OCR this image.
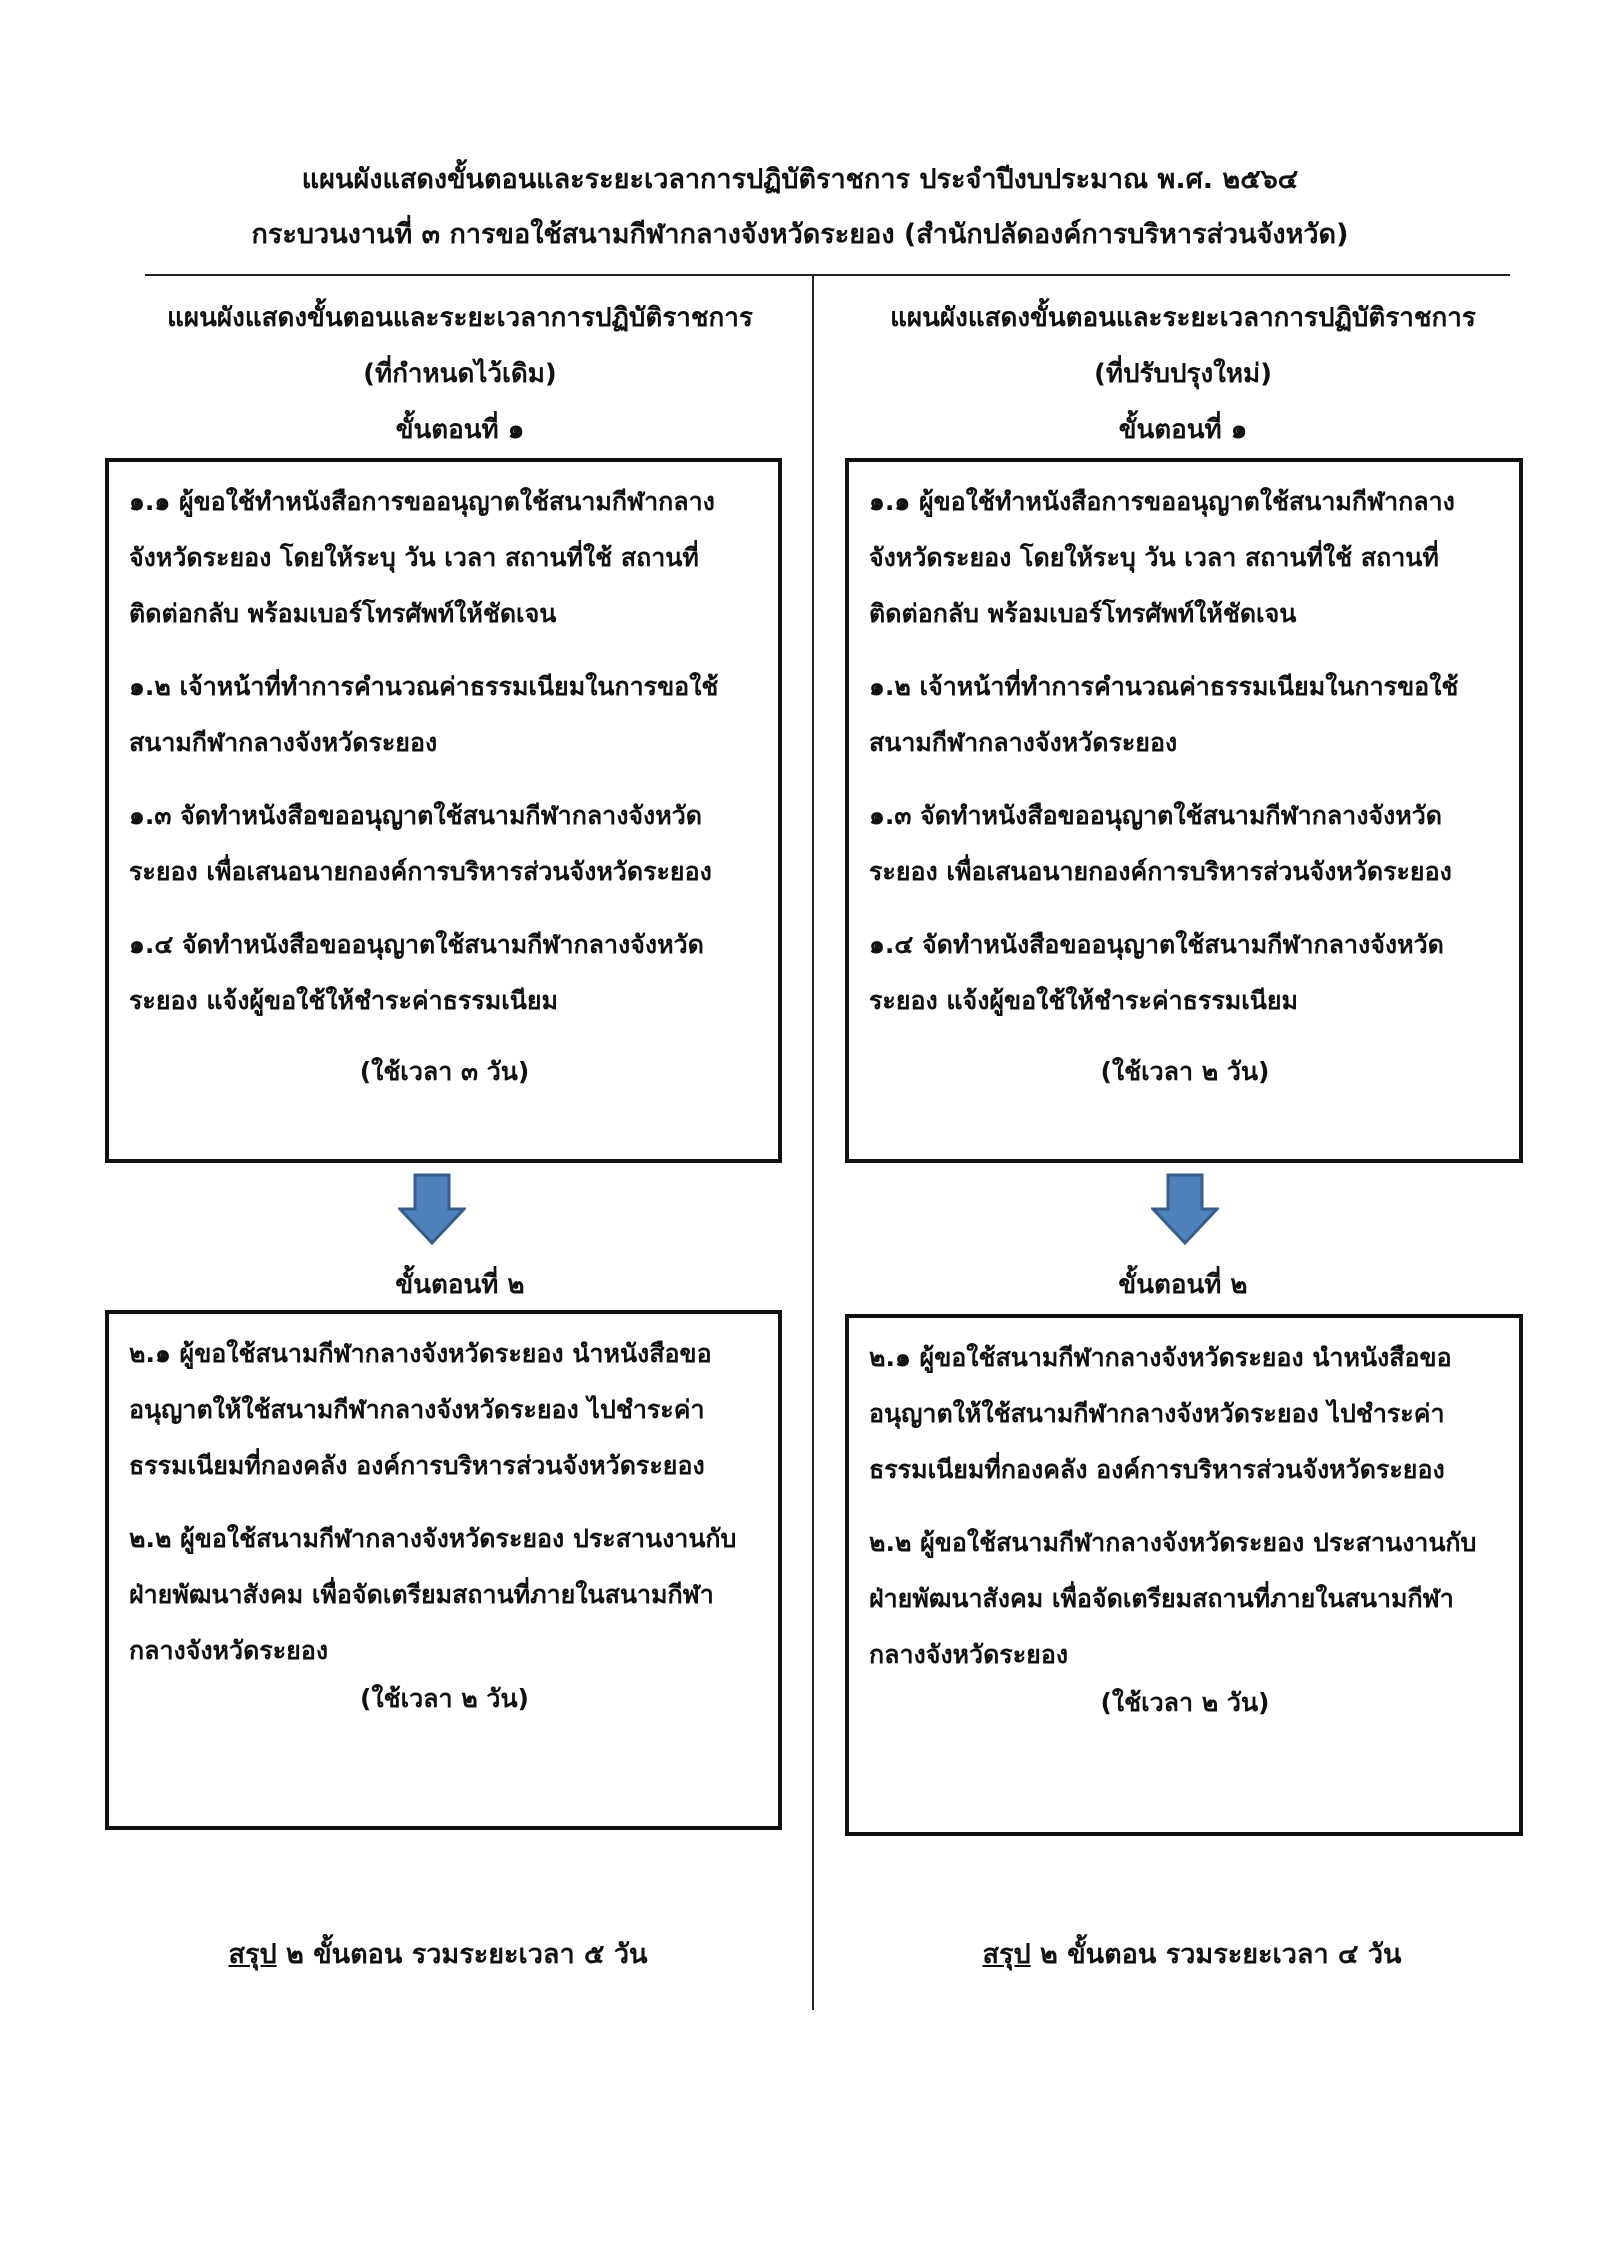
แผนผังแสดงขั้นตอนและระยะเวลาการปฏิบัติราชการ ประจำปีงบประมาณ พ.ศ. ๒๕๖๔
กระบวนงานที่ ๓ การขอใช้สนามกีฬากลางจังหวัดระยอง (สำนักปลัดองค์การบริหารส่วนจังหวัด)
แผนผังแสดงขั้นตอนและระยะเวลาการปฏิบัติราชการ
(ที่กำหนดไว้เดิม)
ขั้นตอนที่ ๑

๑.๑ ผู้ขอใช้ทำหนังสือการขออนุญาตใช้สนามกีฬากลางจังหวัดระยอง โดยให้ระบุ วัน เวลา สถานที่ใช้ สถานที่ติดต่อกลับ พร้อมเบอร์โทรศัพท์ให้ชัดเจน

๑.๒ เจ้าหน้าที่ทำการคำนวณค่าธรรมเนียมในการขอใช้สนามกีฬากลางจังหวัดระยอง

๑.๓ จัดทำหนังสือขออนุญาตใช้สนามกีฬากลางจังหวัดระยอง เพื่อเสนอนายกองค์การบริหารส่วนจังหวัดระยอง

๑.๔ จัดทำหนังสือขออนุญาตใช้สนามกีฬากลางจังหวัดระยอง แจ้งผู้ขอใช้ให้ชำระค่าธรรมเนียม

(ใช้เวลา ๓ วัน)

ขั้นตอนที่ ๒

๒.๑ ผู้ขอใช้สนามกีฬากลางจังหวัดระยอง นำหนังสือขออนุญาตให้ใช้สนามกีฬากลางจังหวัดระยอง ไปชำระค่าธรรมเนียมที่กองคลัง องค์การบริหารส่วนจังหวัดระยอง

๒.๒ ผู้ขอใช้สนามกีฬากลางจังหวัดระยอง ประสานงานกับฝ่ายพัฒนาสังคม เพื่อจัดเตรียมสถานที่ภายในสนามกีฬากลางจังหวัดระยอง

(ใช้เวลา ๒ วัน)

สรุป ๒ ขั้นตอน รวมระยะเวลา ๕ วัน
แผนผังแสดงขั้นตอนและระยะเวลาการปฏิบัติราชการ
(ที่ปรับปรุงใหม่)
ขั้นตอนที่ ๑

๑.๑ ผู้ขอใช้ทำหนังสือการขออนุญาตใช้สนามกีฬากลางจังหวัดระยอง โดยให้ระบุ วัน เวลา สถานที่ใช้ สถานที่ติดต่อกลับ พร้อมเบอร์โทรศัพท์ให้ชัดเจน

๑.๒ เจ้าหน้าที่ทำการคำนวณค่าธรรมเนียมในการขอใช้สนามกีฬากลางจังหวัดระยอง

๑.๓ จัดทำหนังสือขออนุญาตใช้สนามกีฬากลางจังหวัดระยอง เพื่อเสนอนายกองค์การบริหารส่วนจังหวัดระยอง

๑.๔ จัดทำหนังสือขออนุญาตใช้สนามกีฬากลางจังหวัดระยอง แจ้งผู้ขอใช้ให้ชำระค่าธรรมเนียม

(ใช้เวลา ๒ วัน)

ขั้นตอนที่ ๒

๒.๑ ผู้ขอใช้สนามกีฬากลางจังหวัดระยอง นำหนังสือขออนุญาตให้ใช้สนามกีฬากลางจังหวัดระยอง ไปชำระค่าธรรมเนียมที่กองคลัง องค์การบริหารส่วนจังหวัดระยอง

๒.๒ ผู้ขอใช้สนามกีฬากลางจังหวัดระยอง ประสานงานกับฝ่ายพัฒนาสังคม เพื่อจัดเตรียมสถานที่ภายในสนามกีฬากลางจังหวัดระยอง

(ใช้เวลา ๒ วัน)

สรุป ๒ ขั้นตอน รวมระยะเวลา ๔ วัน
